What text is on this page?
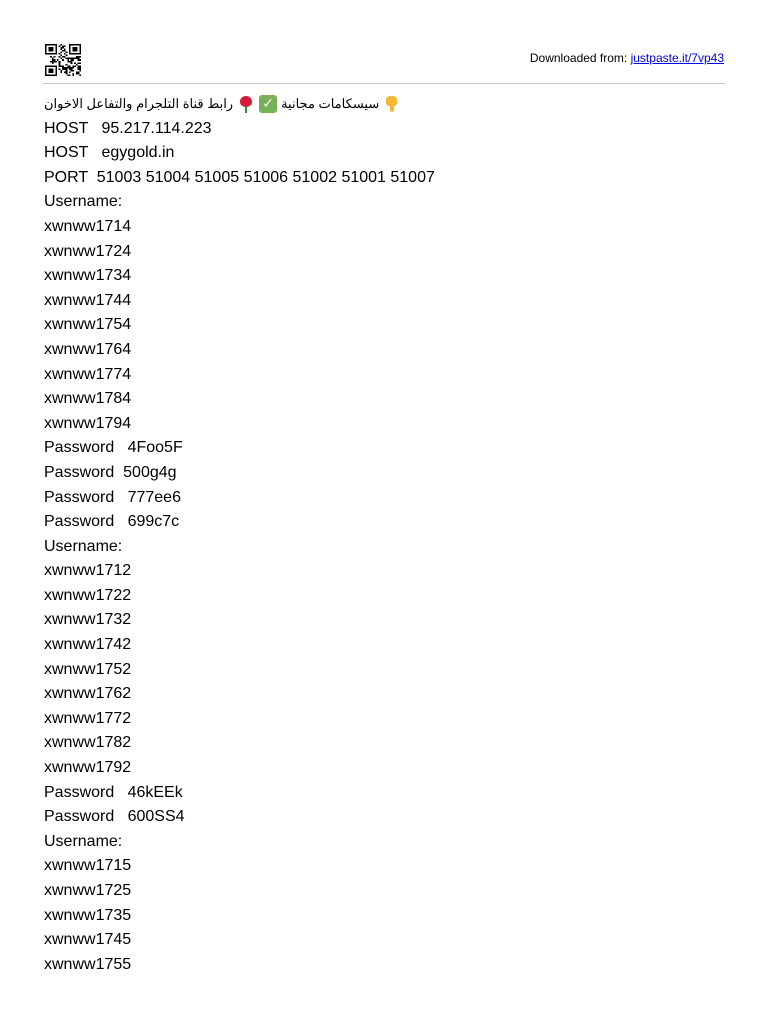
Downloaded from: justpaste.it/7vp43
سيسكامات مجانية
✓
رابط قناة التلجرام والتفاعل الاخوان
HOST   95.217.114.223
HOST   egygold.in
PORT  51003 51004 51005 51006 51002 51001 51007
Username:
xwnww1714
xwnww1724
xwnww1734
xwnww1744
xwnww1754
xwnww1764
xwnww1774
xwnww1784
xwnww1794
Password   4Foo5F
Password  500g4g
Password   777ee6
Password   699c7c
Username:
xwnww1712
xwnww1722
xwnww1732
xwnww1742
xwnww1752
xwnww1762
xwnww1772
xwnww1782
xwnww1792
Password   46kEEk
Password   600SS4
Username:
xwnww1715
xwnww1725
xwnww1735
xwnww1745
xwnww1755
